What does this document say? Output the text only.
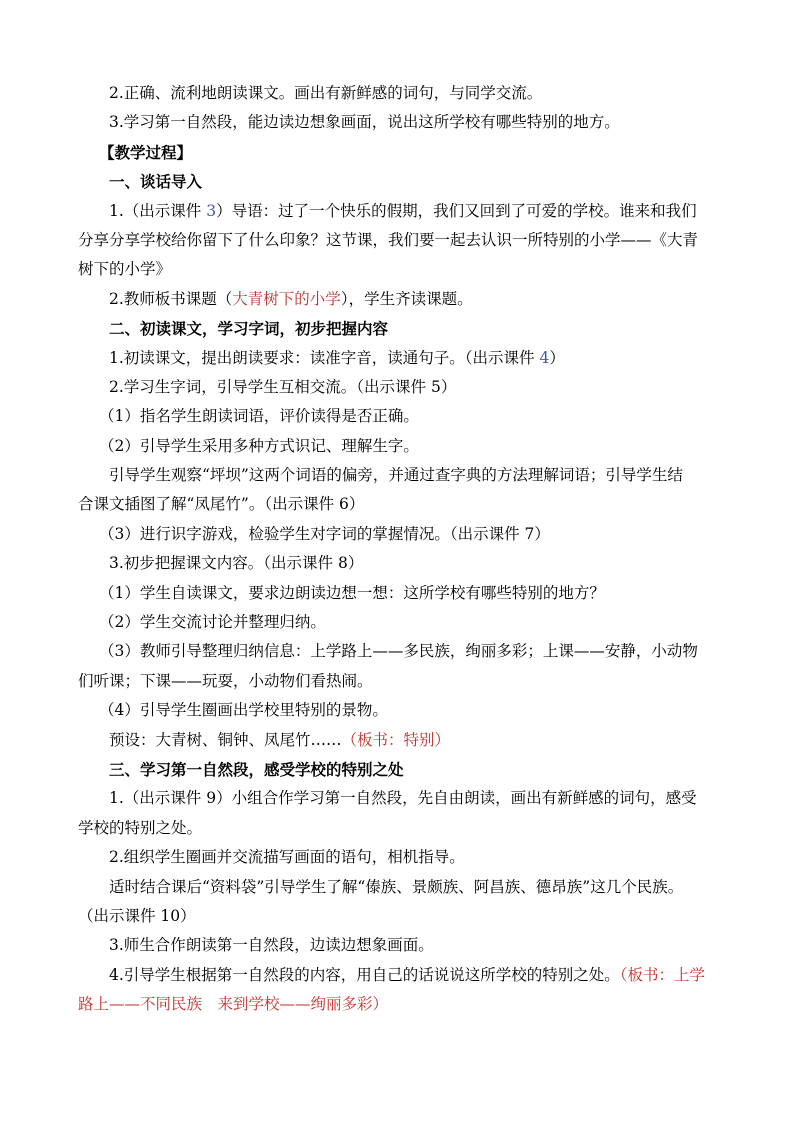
2.正确、流利地朗读课文。画出有新鲜感的词句，与同学交流。
3.学习第一自然段，能边读边想象画面，说出这所学校有哪些特别的地方。
【教学过程】
一、谈话导入
1.（出示课件 3）导语：过了一个快乐的假期，我们又回到了可爱的学校。谁来和我们
分享分享学校给你留下了什么印象？这节课，我们要一起去认识一所特别的小学——《大青
树下的小学》
2.教师板书课题（大青树下的小学），学生齐读课题。
二、初读课文，学习字词，初步把握内容
1.初读课文，提出朗读要求：读准字音，读通句子。（出示课件 4）
2.学习生字词，引导学生互相交流。（出示课件 5）
（1）指名学生朗读词语，评价读得是否正确。
（2）引导学生采用多种方式识记、理解生字。
引导学生观察“坪坝”这两个词语的偏旁，并通过查字典的方法理解词语；引导学生结
合课文插图了解“凤尾竹”。（出示课件 6）
（3）进行识字游戏，检验学生对字词的掌握情况。（出示课件 7）
3.初步把握课文内容。（出示课件 8）
（1）学生自读课文，要求边朗读边想一想：这所学校有哪些特别的地方？
（2）学生交流讨论并整理归纳。
（3）教师引导整理归纳信息：上学路上——多民族，绚丽多彩；上课——安静，小动物
们听课；下课——玩耍，小动物们看热闹。
（4）引导学生圈画出学校里特别的景物。
预设：大青树、铜钟、凤尾竹……（板书：特别）
三、学习第一自然段，感受学校的特别之处
1.（出示课件 9）小组合作学习第一自然段，先自由朗读，画出有新鲜感的词句，感受
学校的特别之处。
2.组织学生圈画并交流描写画面的语句，相机指导。
适时结合课后“资料袋”引导学生了解“傣族、景颇族、阿昌族、德昂族”这几个民族。
（出示课件 10）
3.师生合作朗读第一自然段，边读边想象画面。
4.引导学生根据第一自然段的内容，用自己的话说说这所学校的特别之处。（板书：上学
路上——不同民族　来到学校——绚丽多彩）
